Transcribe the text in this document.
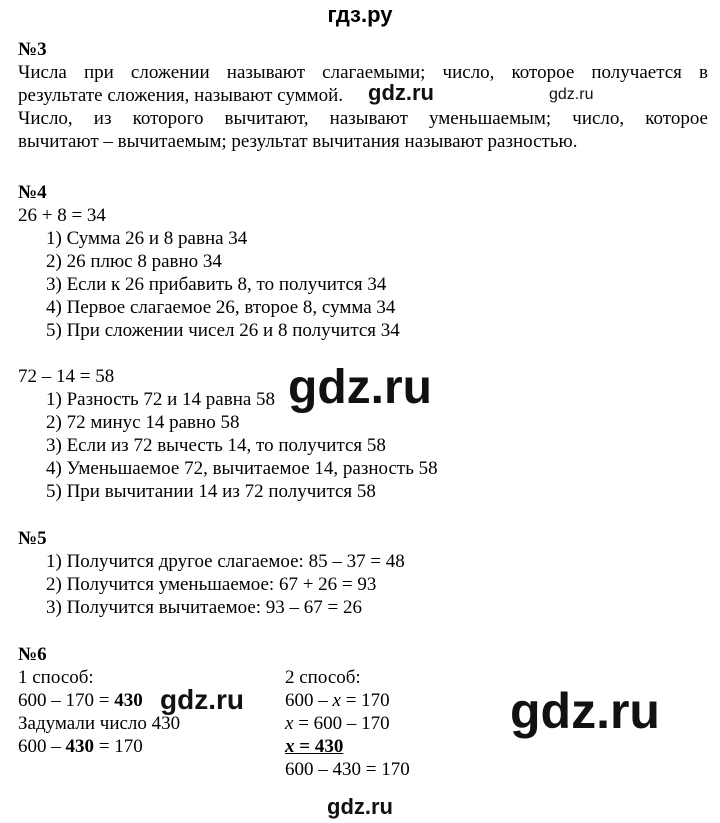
гдз.ру
№3
Числа при сложении называют слагаемыми; число, которое получается в
результате сложения, называют суммой.
Число, из которого вычитают, называют уменьшаемым; число, которое
вычитают – вычитаемым; результат вычитания называют разностью.
gdz.ru	gdz.ru
№4
26 + 8 = 34
1) Сумма 26 и 8 равна 34
2) 26 плюс 8 равно 34
3) Если к 26 прибавить 8, то получится 34
4) Первое слагаемое 26, второе 8, сумма 34
5) При сложении чисел 26 и 8 получится 34
72 – 14 = 58
1) Разность 72 и 14 равна 58
2) 72 минус 14 равно 58
3) Если из 72 вычесть 14, то получится 58
4) Уменьшаемое 72, вычитаемое 14, разность 58
5) При вычитании 14 из 72 получится 58
gdz.ru
№5
1) Получится другое слагаемое: 85 – 37 = 48
2) Получится уменьшаемое: 67 + 26 = 93
3) Получится вычитаемое: 93 – 67 = 26
№6
1 способ:
600 – 170 = 430
Задумали число 430
600 – 430 = 170
2 способ:
600 – x = 170
x = 600 – 170
x = 430
600 – 430 = 170
gdz.ru	gdz.ru
gdz.ru
